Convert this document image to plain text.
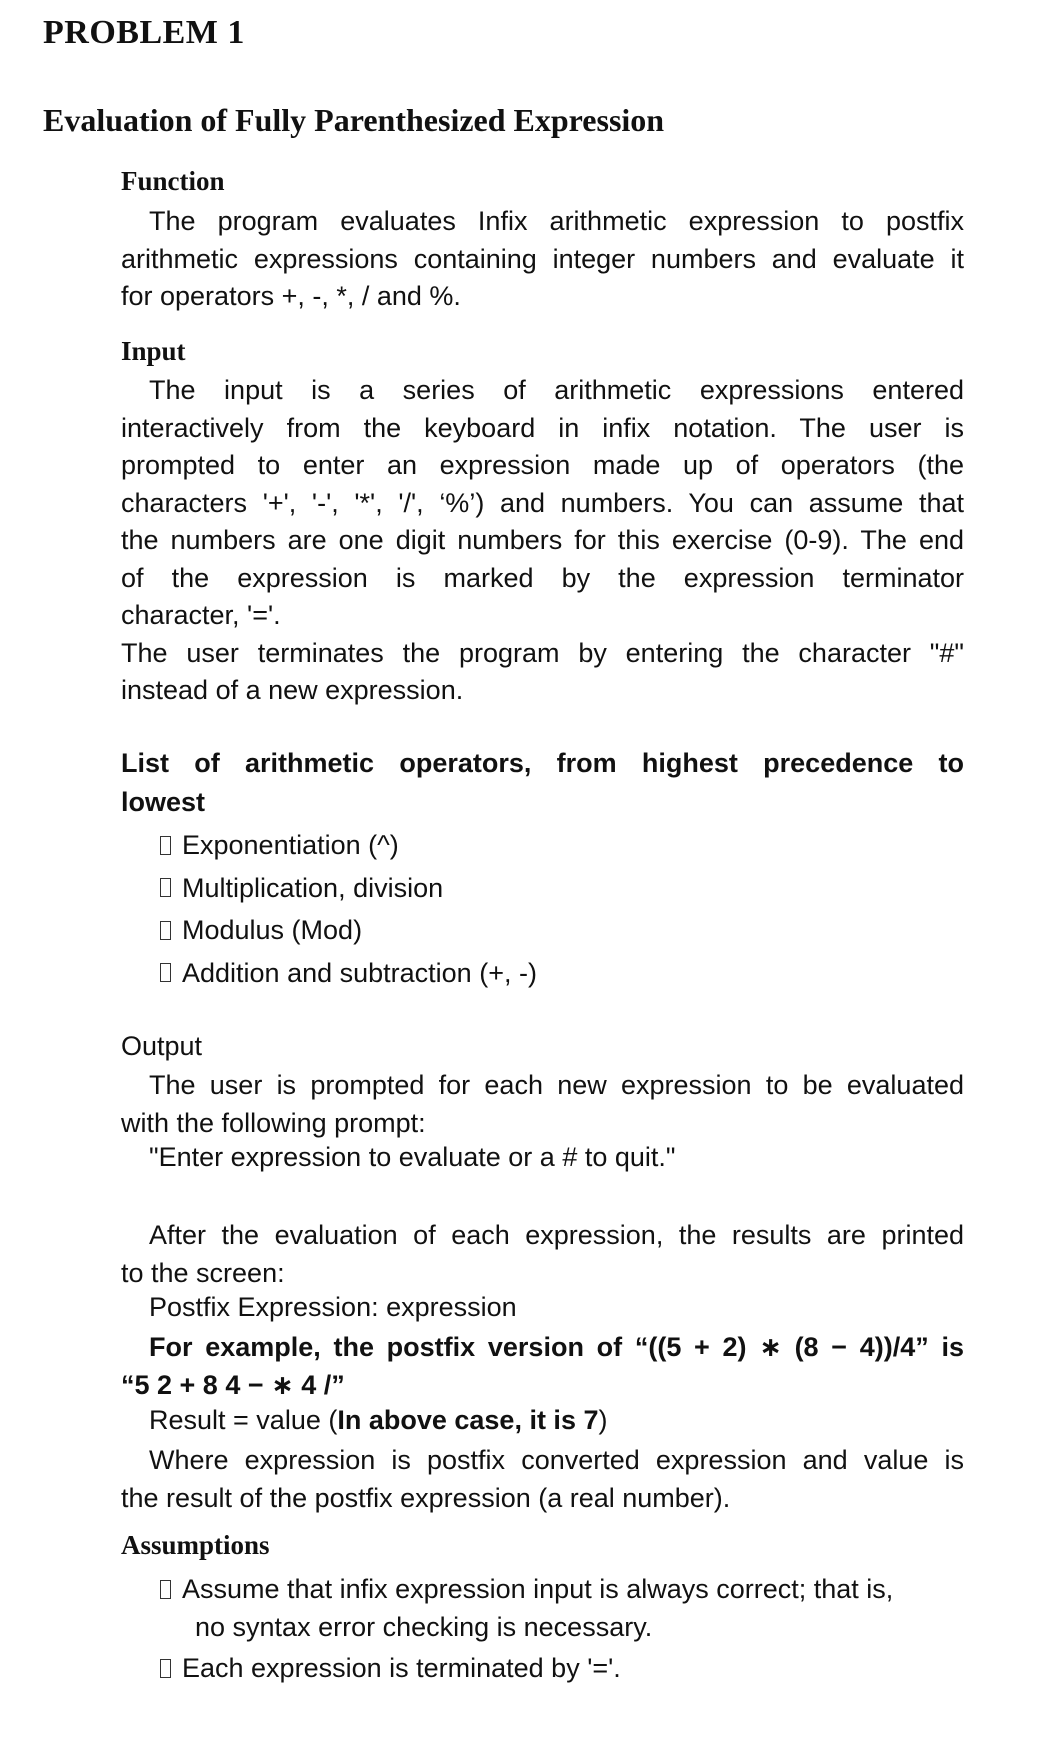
PROBLEM 1
Evaluation of Fully Parenthesized Expression
Function
The program evaluates Infix arithmetic expression to postfix
arithmetic expressions containing integer numbers and evaluate it
for operators +, -, *, / and %.
Input
The input is a series of arithmetic expressions entered
interactively from the keyboard in infix notation. The user is
prompted to enter an expression made up of operators (the
characters '+', '-', '*', '/', ‘%’) and numbers. You can assume that
the numbers are one digit numbers for this exercise (0-9). The end
of the expression is marked by the expression terminator
character, '='.
The user terminates the program by entering the character "#"
instead of a new expression.
List of arithmetic operators, from highest precedence to
lowest
Exponentiation (^)
Multiplication, division
Modulus (Mod)
Addition and subtraction (+, -)
Output
The user is prompted for each new expression to be evaluated
with the following prompt:
"Enter expression to evaluate or a # to quit."
After the evaluation of each expression, the results are printed
to the screen:
Postfix Expression: expression
For example, the postfix version of “((5 + 2) ∗ (8 − 4))/4” is
“5 2 + 8 4 − ∗ 4 /”
Result = value (In above case, it is 7)
Where expression is postfix converted expression and value is
the result of the postfix expression (a real number).
Assumptions
Assume that infix expression input is always correct; that is,
no syntax error checking is necessary.
Each expression is terminated by '='.
